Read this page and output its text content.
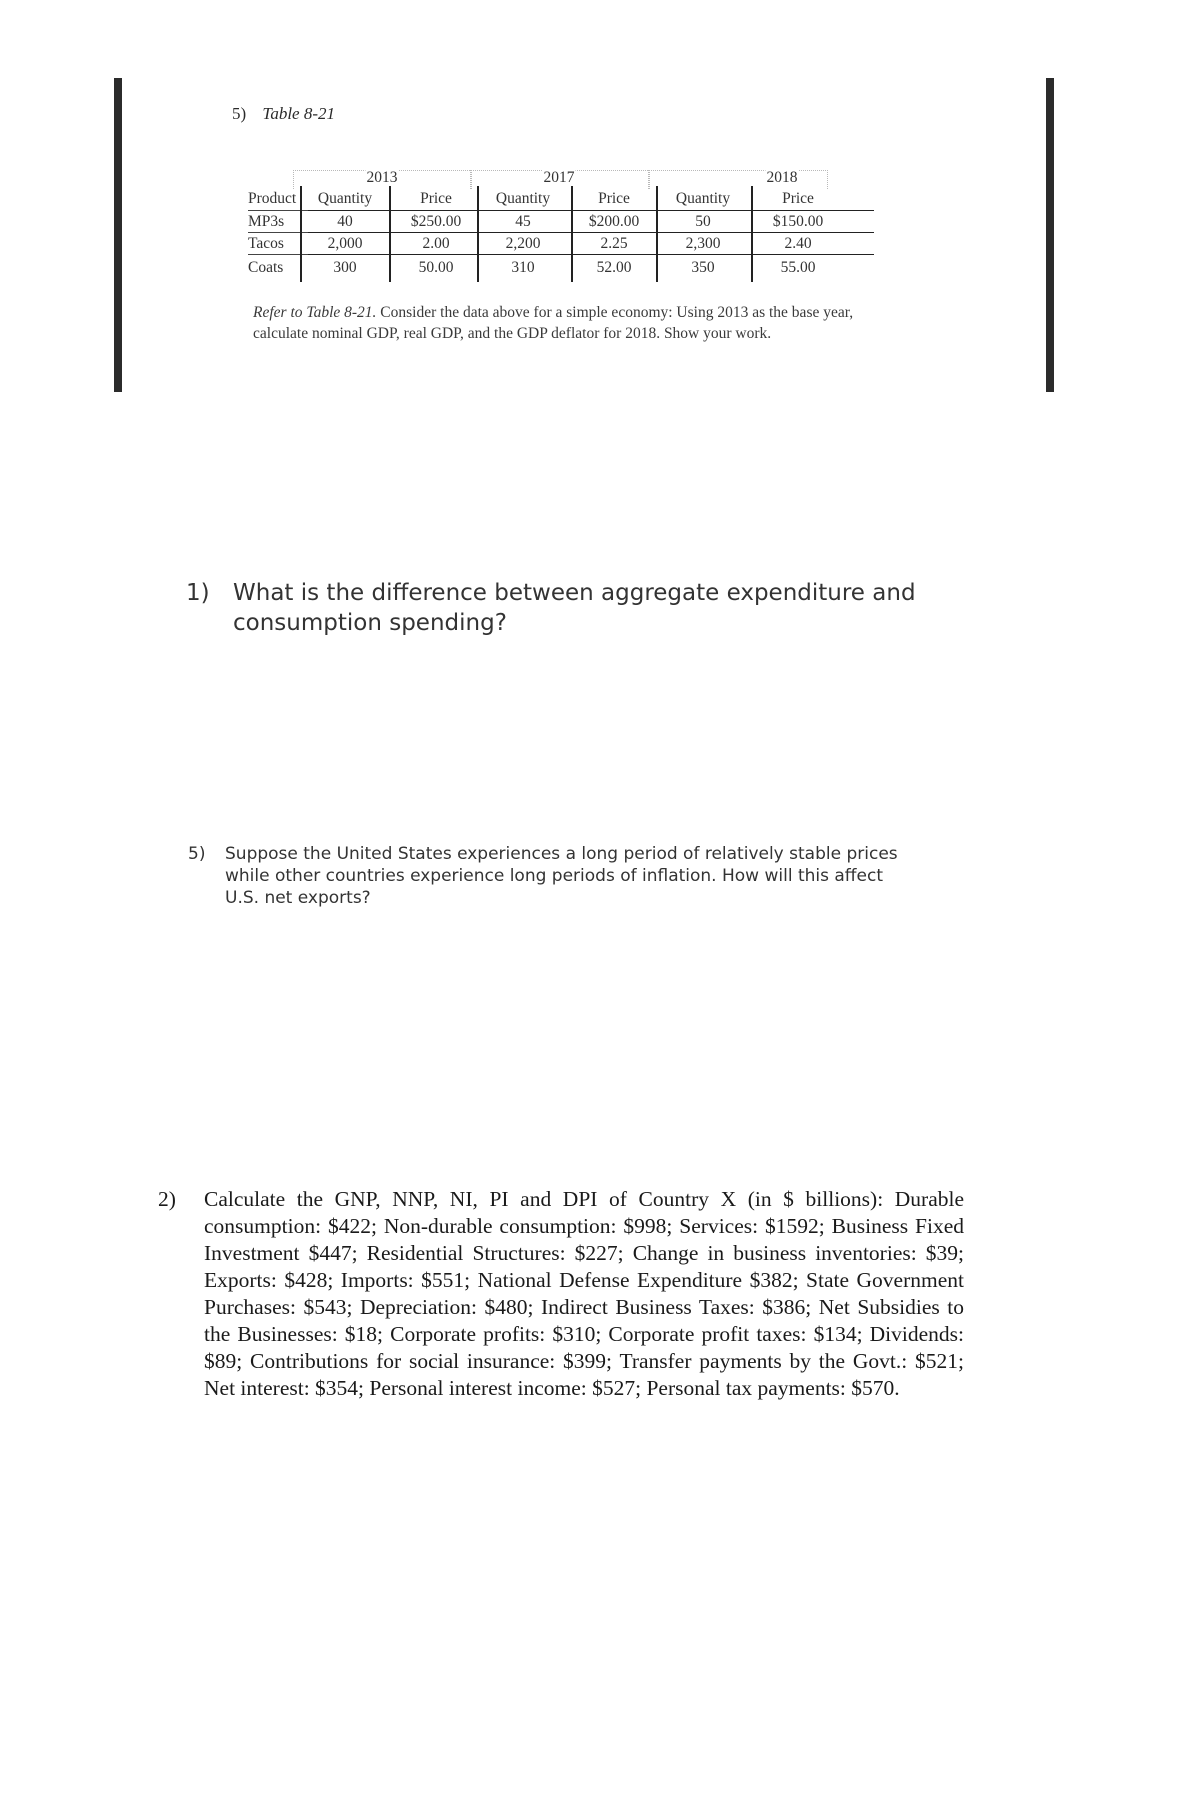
5) Table 8-21
2013	2017	2018
Product Quantity	Price	Quantity	Price	Quantity	Price
MP3s	40	$250.00	45	$200.00	50	$150.00
Tacos	2,000	2.00	2,200	2.25	2,300	2.40
Coats	300	50.00	310	52.00	350	55.00
Refer to Table 8-21. Consider the data above for a simple economy: Using 2013 as the base year, calculate nominal GDP, real GDP, and the GDP deflator for 2018. Show your work.
1) What is the difference between aggregate expenditure and consumption spending?
5) Suppose the United States experiences a long period of relatively stable prices while other countries experience long periods of inflation. How will this affect U.S. net exports?
2) Calculate the GNP, NNP, NI, PI and DPI of Country X (in $ billions): Durable consumption: $422; Non-durable consumption: $998; Services: $1592; Business Fixed Investment $447; Residential Structures: $227; Change in business inventories: $39; Exports: $428; Imports: $551; National Defense Expenditure $382; State Government Purchases: $543; Depreciation: $480; Indirect Business Taxes: $386; Net Subsidies to the Businesses: $18; Corporate profits: $310; Corporate profit taxes: $134; Dividends: $89; Contributions for social insurance: $399; Transfer payments by the Govt.: $521; Net interest: $354; Personal interest income: $527; Personal tax payments: $570.
